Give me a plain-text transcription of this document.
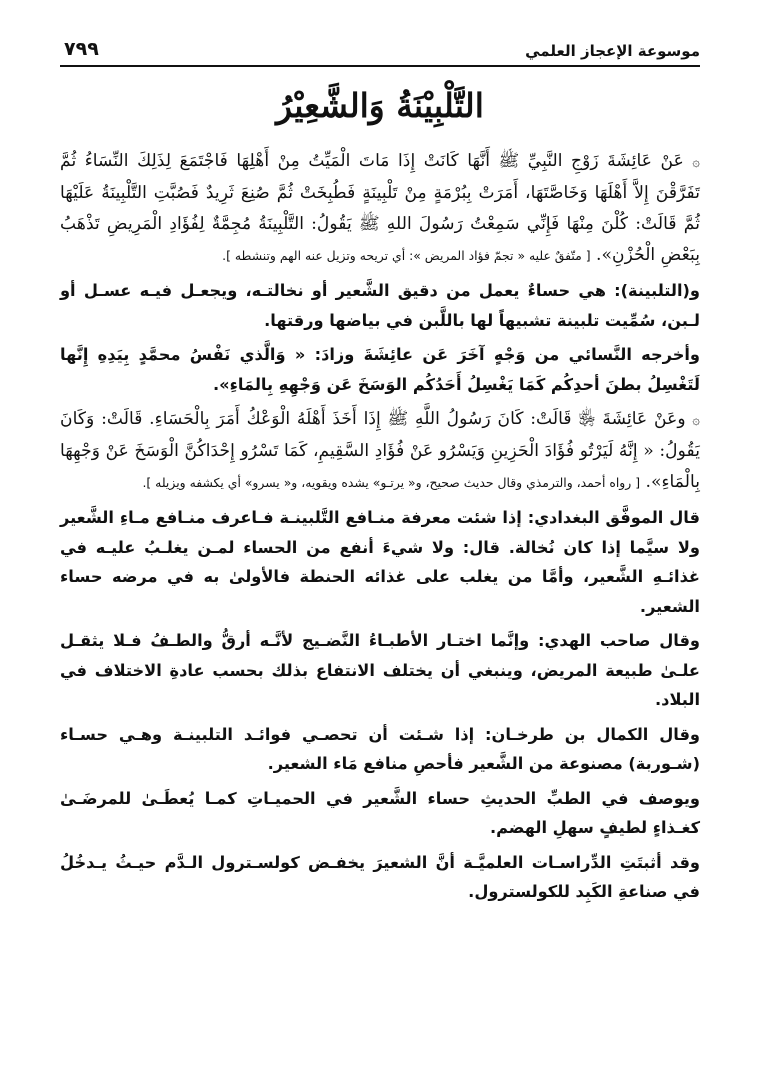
موسوعة الإعجاز العلمي
٧٩٩
التَّلْبِيْنَةُ وَالشَّعِيْرُ

۞ عَنْ عَائِشَةَ زَوْجِ النَّبِيِّ ﷺ أَنَّهَا كَانَتْ إِذَا مَاتَ الْمَيِّتُ مِنْ أَهْلِهَا فَاجْتَمَعَ لِذَلِكَ النِّسَاءُ ثُمَّ تَفَرَّقْنَ إِلاَّ أَهْلَهَا وَخَاصَّتَهَا، أَمَرَتْ بِبُرْمَةٍ مِنْ تَلْبِينَةٍ فَطُبِخَتْ ثُمَّ صُنِعَ ثَرِيدٌ فَصُبَّتِ التَّلْبِينَةُ عَلَيْهَا ثُمَّ قَالَتْ: كُلْنَ مِنْهَا فَإِنِّي سَمِعْتُ رَسُولَ اللهِ ﷺ يَقُولُ: التَّلْبِينَةُ مُجِمَّةٌ لِفُؤَادِ الْمَرِيضِ تَذْهَبُ بِبَعْضِ الْحُزْنِ». [ متّفقٌ عليه « تجمّ فؤاد المريض »: أي تريحه وتزيل عنه الهم وتنشطه ].

و(التلبينة): هي حساءٌ يعمل من دقيق الشَّعير أو نخالتـه، ويجعـل فيـه عسـل أو لـبن، سُمِّيت تلبينة تشبيهاً لها باللَّبن في بياضها ورقتها.

وأخرجه النَّسائي من وَجْهٍ آخَرَ عَن عائِشَةَ وزادَ: « وَالَّذي نَفْسُ محمَّدٍ بِيَدِهِ إِنَّها لَتَغْسِلُ بطنَ أحدِكُم كَمَا يَغْسِلُ أَحَدُكُم الوَسَخَ عَن وَجْهِهِ بِالمَاءِ».

۞ وعَنْ عَائِشَةَ ﵂ قَالَتْ: كَانَ رَسُولُ اللَّهِ ﷺ إِذَا أَخَذَ أَهْلَهُ الْوَعْكُ أَمَرَ بِالْحَسَاءِ. قَالَتْ: وَكَانَ يَقُولُ: « إِنَّهُ لَيَرْتُو فُؤَادَ الْحَزِينِ وَيَسْرُو عَنْ فُؤَادِ السَّقِيمِ، كَمَا تَسْرُو إِحْدَاكُنَّ الْوَسَخَ عَنْ وَجْهِهَا بِالْمَاءِ». [ رواه أحمد، والترمذي وقال حديث صحيح، و« يرتـو» يشده ويقويه، و« يسرو» أي يكشفه ويزيله ].

قال الموفَّق البغدادي: إذا شئت معرفة منـافع التَّلبينـة فـاعرف منـافع مـاءِ الشَّعير ولا سيَّما إذا كان نُخالة. قال: ولا شيءَ أنفع من الحساء لمـن يغلـبُ عليـه في غذائـهِ الشَّعير، وأمَّا من يغلب على غذائه الحنطة فالأولىٰ به في مرضه حساء الشعير.

وقال صاحب الهدي: وإنَّما اختـار الأطبـاءُ النَّضـيج لأنَّـه أرقُّ والطـفُ فـلا يثقـل علـىٰ طبيعة المريض، وينبغي أن يختلف الانتفاع بذلك بحسب عادةِ الاختلاف في البلاد.

وقال الكمال بن طرخـان: إذا شـئت أن تحصـي فوائـد التلبينـة وهـي حسـاء (شـوربة) مصنوعة من الشَّعير فأحصِ منافع مَاء الشعير.

ويوصف في الطبِّ الحديثِ حساء الشَّعير في الحميـاتِ كمـا يُعطَـىٰ للمرضَـىٰ كغـذاءٍ لطيفٍ سهلِ الهضم.

وقد أثبتَتِ الدِّراسـات العلميَّـة أنَّ الشعيرَ يخفـض كولسـترول الـدَّم حيـثُ يـدخُلُ في صناعةِ الكَبِد للكولسترول.
